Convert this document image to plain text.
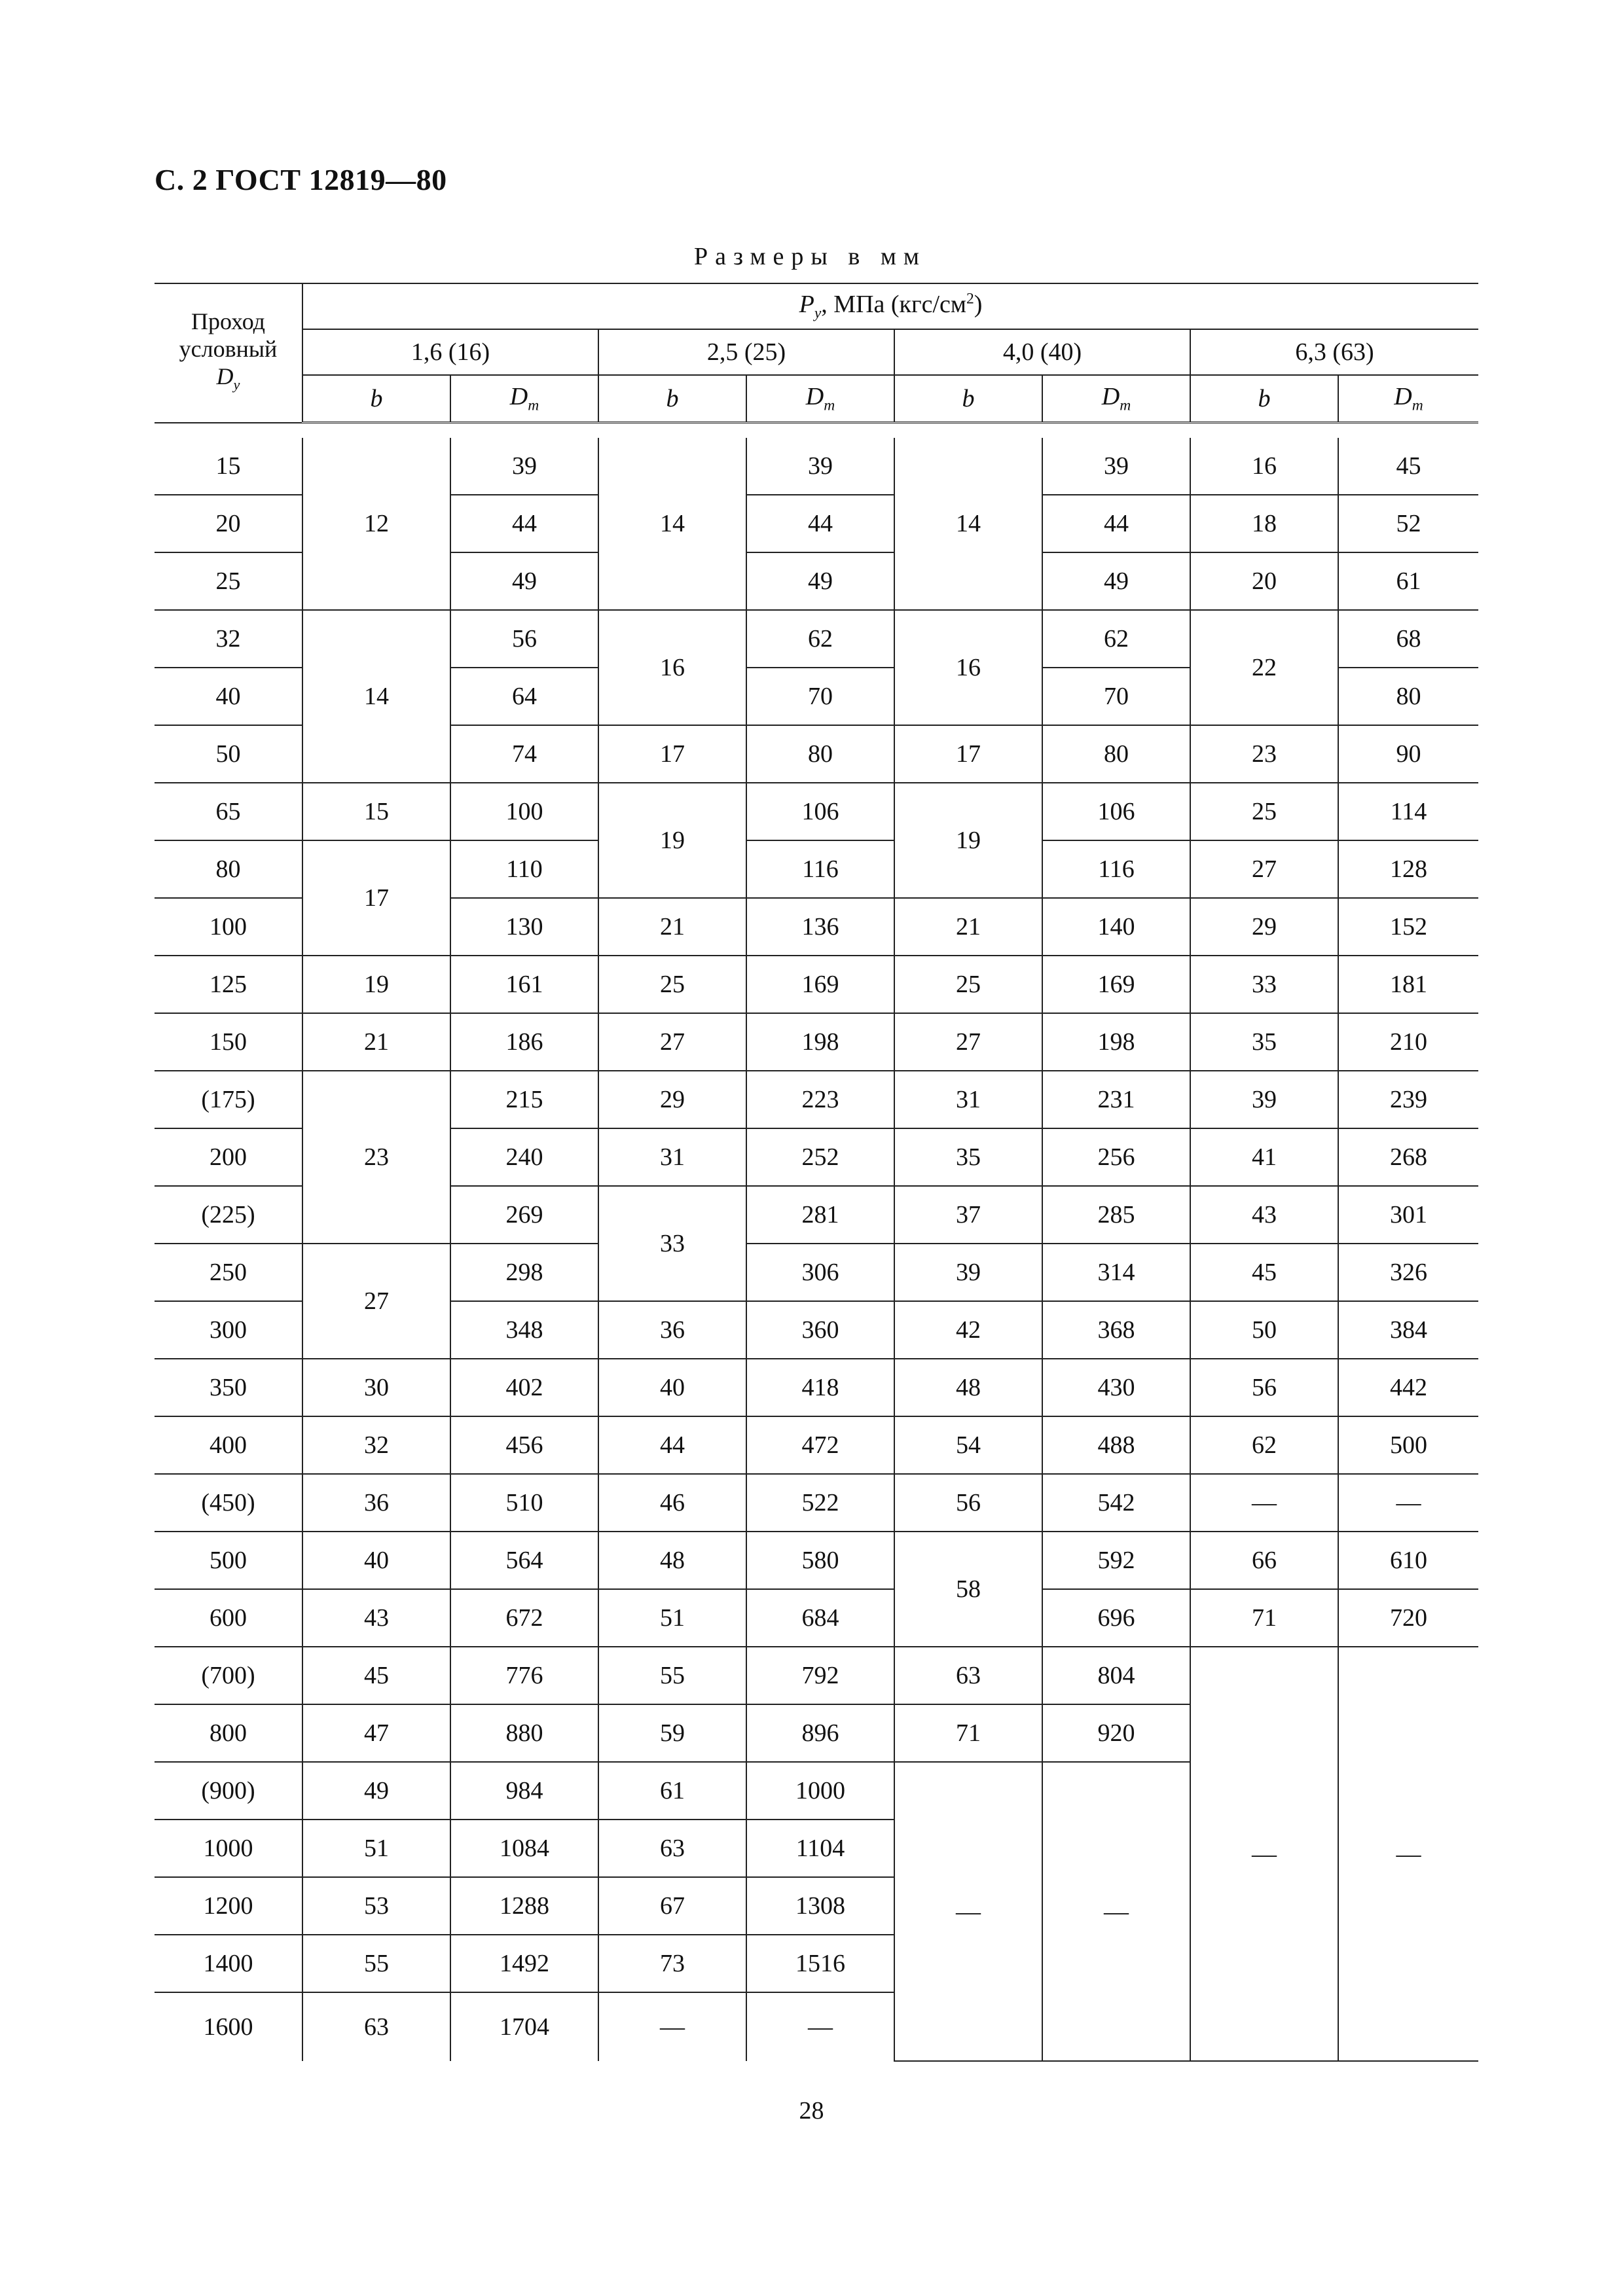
С. 2 ГОСТ 12819—80
Размеры в мм
Проход
условный
$D_у$	$P_у$, МПа $(кгс/см^2)$							
	1,6 (16)		2,5 (25)		4,0 (40)		6,3 (63)	
	b	$D_m$	b	$D_m$	b	$D_m$	b	$D_m$

15	12	39	14	39	14	39	16	45
20		44		44		44	18	52
25		49		49		49	20	61
32	14	56	16	62	16	62	22	68
40		64		70		70		80
50		74	17	80	17	80	23	90
65	15	100	19	106	19	106	25	114
80	17	110		116		116	27	128
100		130	21	136	21	140	29	152
125	19	161	25	169	25	169	33	181
150	21	186	27	198	27	198	35	210
(175)	23	215	29	223	31	231	39	239
200		240	31	252	35	256	41	268
(225)		269	33	281	37	285	43	301
250	27	298		306	39	314	45	326
300		348	36	360	42	368	50	384
350	30	402	40	418	48	430	56	442
400	32	456	44	472	54	488	62	500
(450)	36	510	46	522	56	542	—	—
500	40	564	48	580	58	592	66	610
600	43	672	51	684		696	71	720
(700)	45	776	55	792	63	804	—	—
800	47	880	59	896	71	920		
(900)	49	984	61	1000	—	—		
1000	51	1084	63	1104				
1200	53	1288	67	1308				
1400	55	1492	73	1516				
1600	63	1704	—	—				
28
